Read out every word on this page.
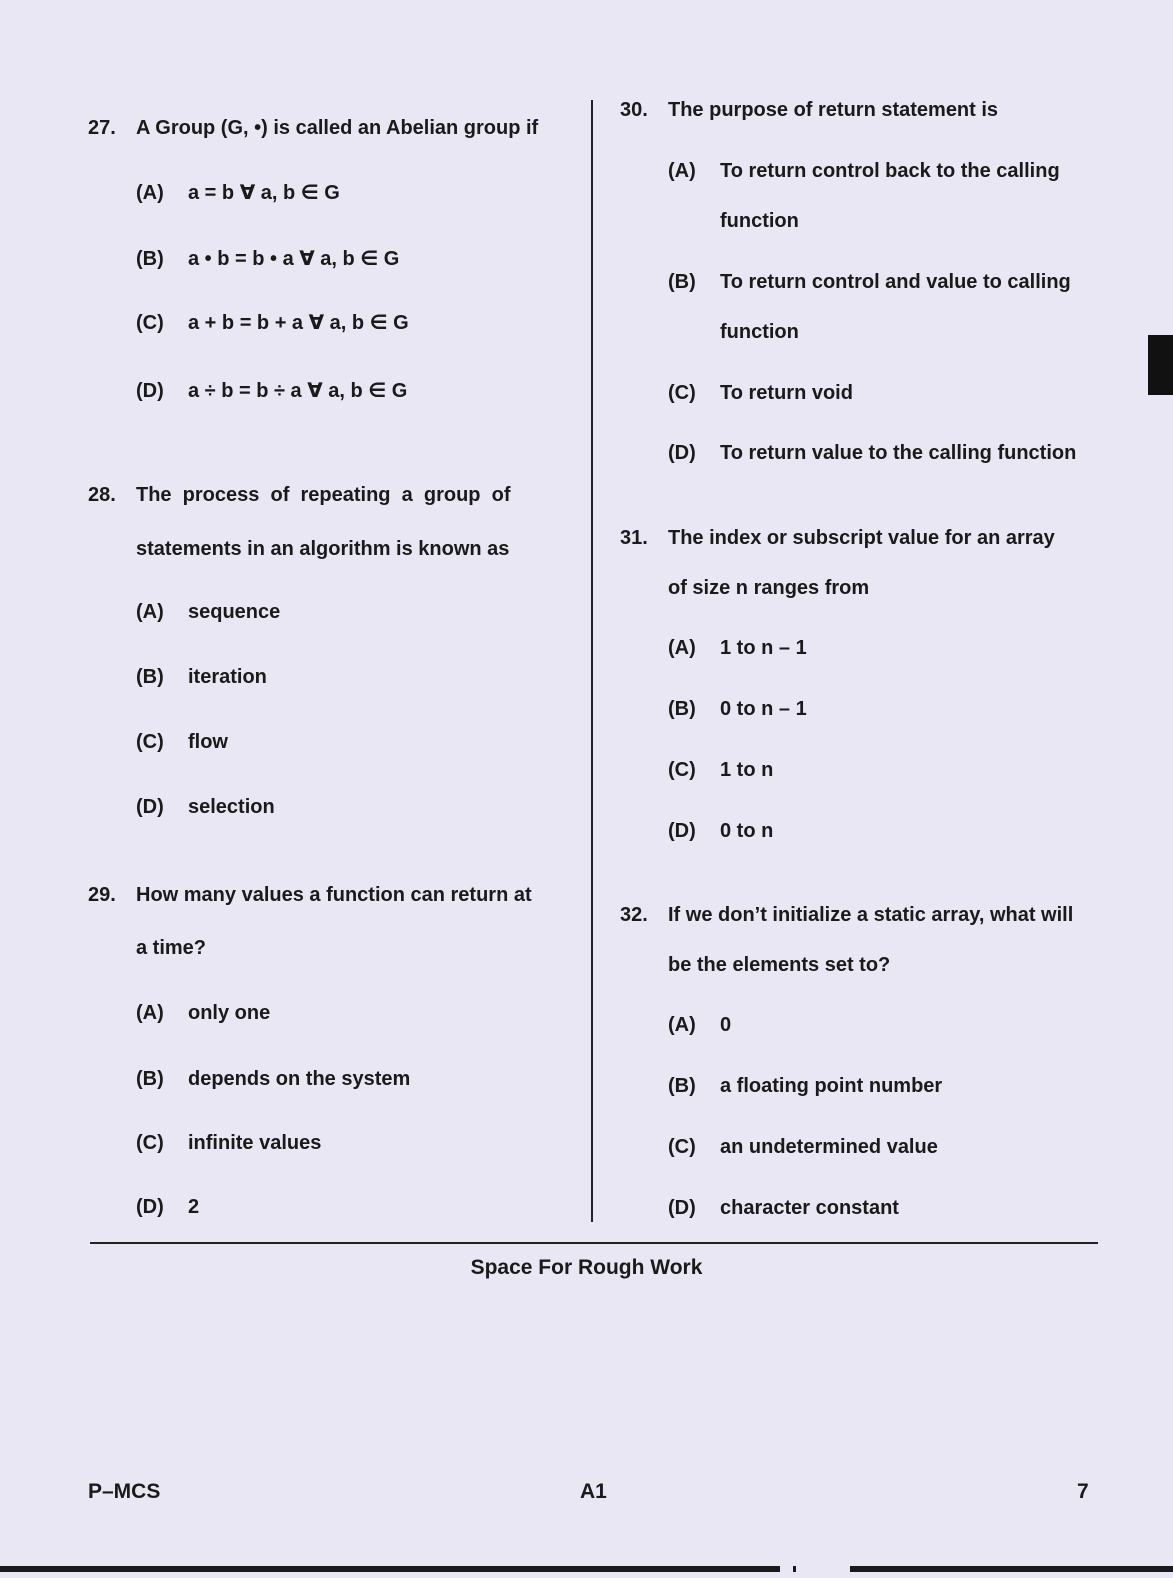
27. A Group (G, •) is called an Abelian group if
(A) a = b ∀ a, b ∈ G
(B) a • b = b • a ∀ a, b ∈ G
(C) a + b = b + a ∀ a, b ∈ G
(D) a ÷ b = b ÷ a ∀ a, b ∈ G
28. The  process  of  repeating  a  group  of
statements in an algorithm is known as
(A) sequence
(B) iteration
(C) flow
(D) selection
29. How many values a function can return at
a time?
(A) only one
(B) depends on the system
(C) infinite values
(D) 2
30. The purpose of return statement is
(A) To return control back to the calling
function
(B) To return control and value to calling
function
(C) To return void
(D) To return value to the calling function
31. The index or subscript value for an array
of size n ranges from
(A) 1 to n – 1
(B) 0 to n – 1
(C) 1 to n
(D) 0 to n
32. If we don’t initialize a static array, what will
be the elements set to?
(A) 0
(B) a floating point number
(C) an undetermined value
(D) character constant
Space For Rough Work
P–MCS	A1	7
